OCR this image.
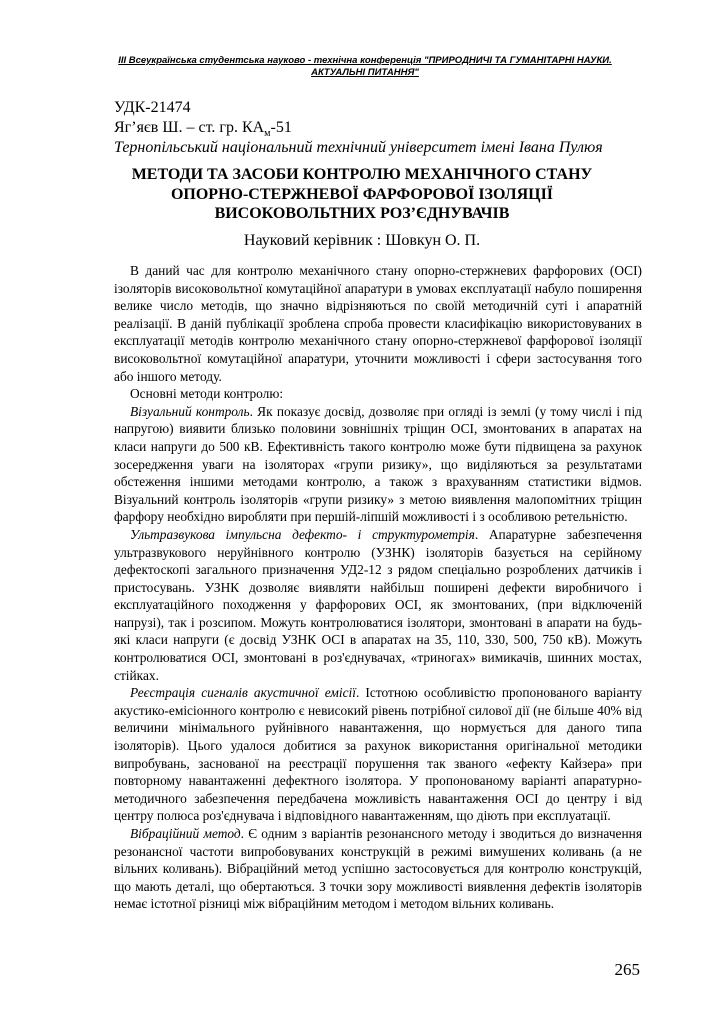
ІІІ Всеукраїнська студентська науково - технічна конференція "ПРИРОДНИЧІ ТА ГУМАНІТАРНІ НАУКИ.
АКТУАЛЬНІ ПИТАННЯ"
УДК-21474
Яг’яєв Ш. – ст. гр. $КА_м-51$
Тернопільський національний технічний університет імені Івана Пулюя
МЕТОДИ ТА ЗАСОБИ КОНТРОЛЮ МЕХАНІЧНОГО СТАНУ
ОПОРНО-СТЕРЖНЕВОЇ ФАРФОРОВОЇ ІЗОЛЯЦІЇ
ВИСОКОВОЛЬТНИХ РОЗ’ЄДНУВАЧІВ
Науковий керівник : Шовкун О. П.

В даний час для контролю механічного стану опорно-стержневих фарфорових (ОСІ) ізоляторів високовольтної комутаційної апаратури в умовах експлуатації набуло поширення велике число методів, що значно відрізняються по своїй методичній суті і апаратній реалізації. В даній публікації зроблена спроба провести класифікацію використовуваних в експлуатації методів контролю механічного стану опорно-стержневої фарфорової ізоляції високовольтної комутаційної апаратури, уточнити можливості і сфери застосування того або іншого методу.

Основні методи контролю:

Візуальний контроль. Як показує досвід, дозволяє при огляді із землі (у тому числі і під напругою) виявити близько половини зовнішніх тріщин ОСІ, змонтованих в апаратах на класи напруги до 500 кВ. Ефективність такого контролю може бути підвищена за рахунок зосередження уваги на ізоляторах «групи ризику», що виділяються за результатами обстеження іншими методами контролю, а також з врахуванням статистики відмов. Візуальний контроль ізоляторів «групи ризику» з метою виявлення малопомітних тріщин фарфору необхідно виробляти при першій-ліпшій можливості і з особливою ретельністю.

Ультразвукова імпульсна дефекто- і структурометрія. Апаратурне забезпечення ультразвукового неруйнівного контролю (УЗНК) ізоляторів базується на серійному дефектоскопі загального призначення УД2-12 з рядом спеціально розроблених датчиків і пристосувань. УЗНК дозволяє виявляти найбільш поширені дефекти виробничого і експлуатаційного походження у фарфорових ОСІ, як змонтованих, (при відключеній напрузі), так і розсипом. Можуть контролюватися ізолятори, змонтовані в апарати на будь-які класи напруги (є досвід УЗНК ОСІ в апаратах на 35, 110, 330, 500, 750 кВ). Можуть контролюватися ОСІ, змонтовані в роз'єднувачах, «триногах» вимикачів, шинних мостах, стійках.

Реєстрація сигналів акустичної емісії. Істотною особливістю пропонованого варіанту акустико-емісіонного контролю є невисокий рівень потрібної силової дії (не більше 40% від величини мінімального руйнівного навантаження, що нормується для даного типа ізоляторів). Цього удалося добитися за рахунок використання оригінальної методики випробувань, заснованої на реєстрації порушення так званого «ефекту Кайзера» при повторному навантаженні дефектного ізолятора. У пропонованому варіанті апаратурно-методичного забезпечення передбачена можливість навантаження ОСІ до центру і від центру полюса роз'єднувача і відповідного навантаженням, що діють при експлуатації.

Вібраційний метод. Є одним з варіантів резонансного методу і зводиться до визначення резонансної частоти випробовуваних конструкцій в режимі вимушених коливань (а не вільних коливань). Вібраційний метод успішно застосовується для контролю конструкцій, що мають деталі, що обертаються. З точки зору можливості виявлення дефектів ізоляторів немає істотної різниці між вібраційним методом і методом вільних коливань.

265
